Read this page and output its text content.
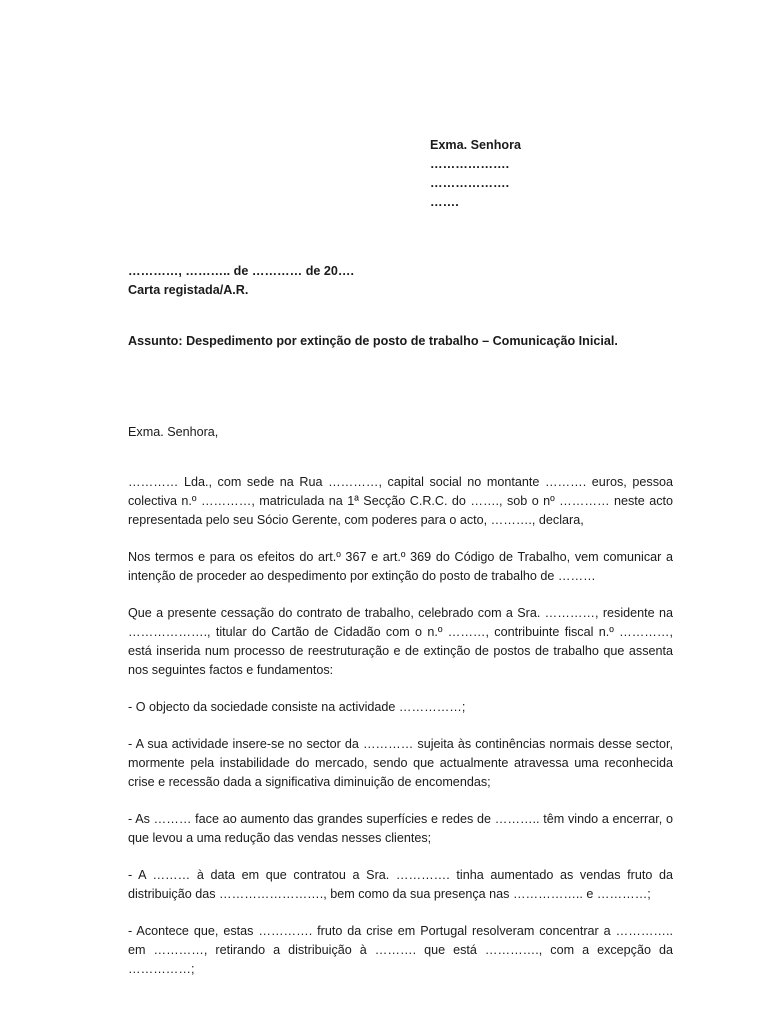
Exma. Senhora
……………….
……………….
…….
…………, ……….. de ………… de 20….
Carta registada/A.R.
Assunto: Despedimento por extinção de posto de trabalho – Comunicação Inicial.
Exma. Senhora,

………… Lda., com sede na Rua …………, capital social no montante ………. euros, pessoa colectiva n.º …………, matriculada na 1ª Secção C.R.C. do ……., sob o nº ………… neste acto representada pelo seu Sócio Gerente, com poderes para o acto, ………., declara,

Nos termos e para os efeitos do art.º 367 e art.º 369 do Código de Trabalho, vem comunicar a intenção de proceder ao despedimento por extinção do posto de trabalho de ………

Que a presente cessação do contrato de trabalho, celebrado com a Sra. …………, residente na ………………., titular do Cartão de Cidadão com o n.º ………, contribuinte fiscal n.º …………, está inserida num processo de reestruturação e de extinção de postos de trabalho que assenta nos seguintes factos e fundamentos:

- O objecto da sociedade consiste na actividade ……………;

- A sua actividade insere-se no sector da ………… sujeita às continências normais desse sector, mormente pela instabilidade do mercado, sendo que actualmente atravessa uma reconhecida crise e recessão dada a significativa diminuição de encomendas;

- As ……… face ao aumento das grandes superfícies e redes de ……….. têm vindo a encerrar, o que levou a uma redução das vendas nesses clientes;

- A ……… à data em que contratou a Sra. …………. tinha aumentado as vendas fruto da distribuição das ……………………., bem como da sua presença nas …………….. e …………;

- Acontece que, estas …………. fruto da crise em Portugal resolveram concentrar a ………….. em …………, retirando a distribuição à ………. que está …………., com a excepção da ……………;
